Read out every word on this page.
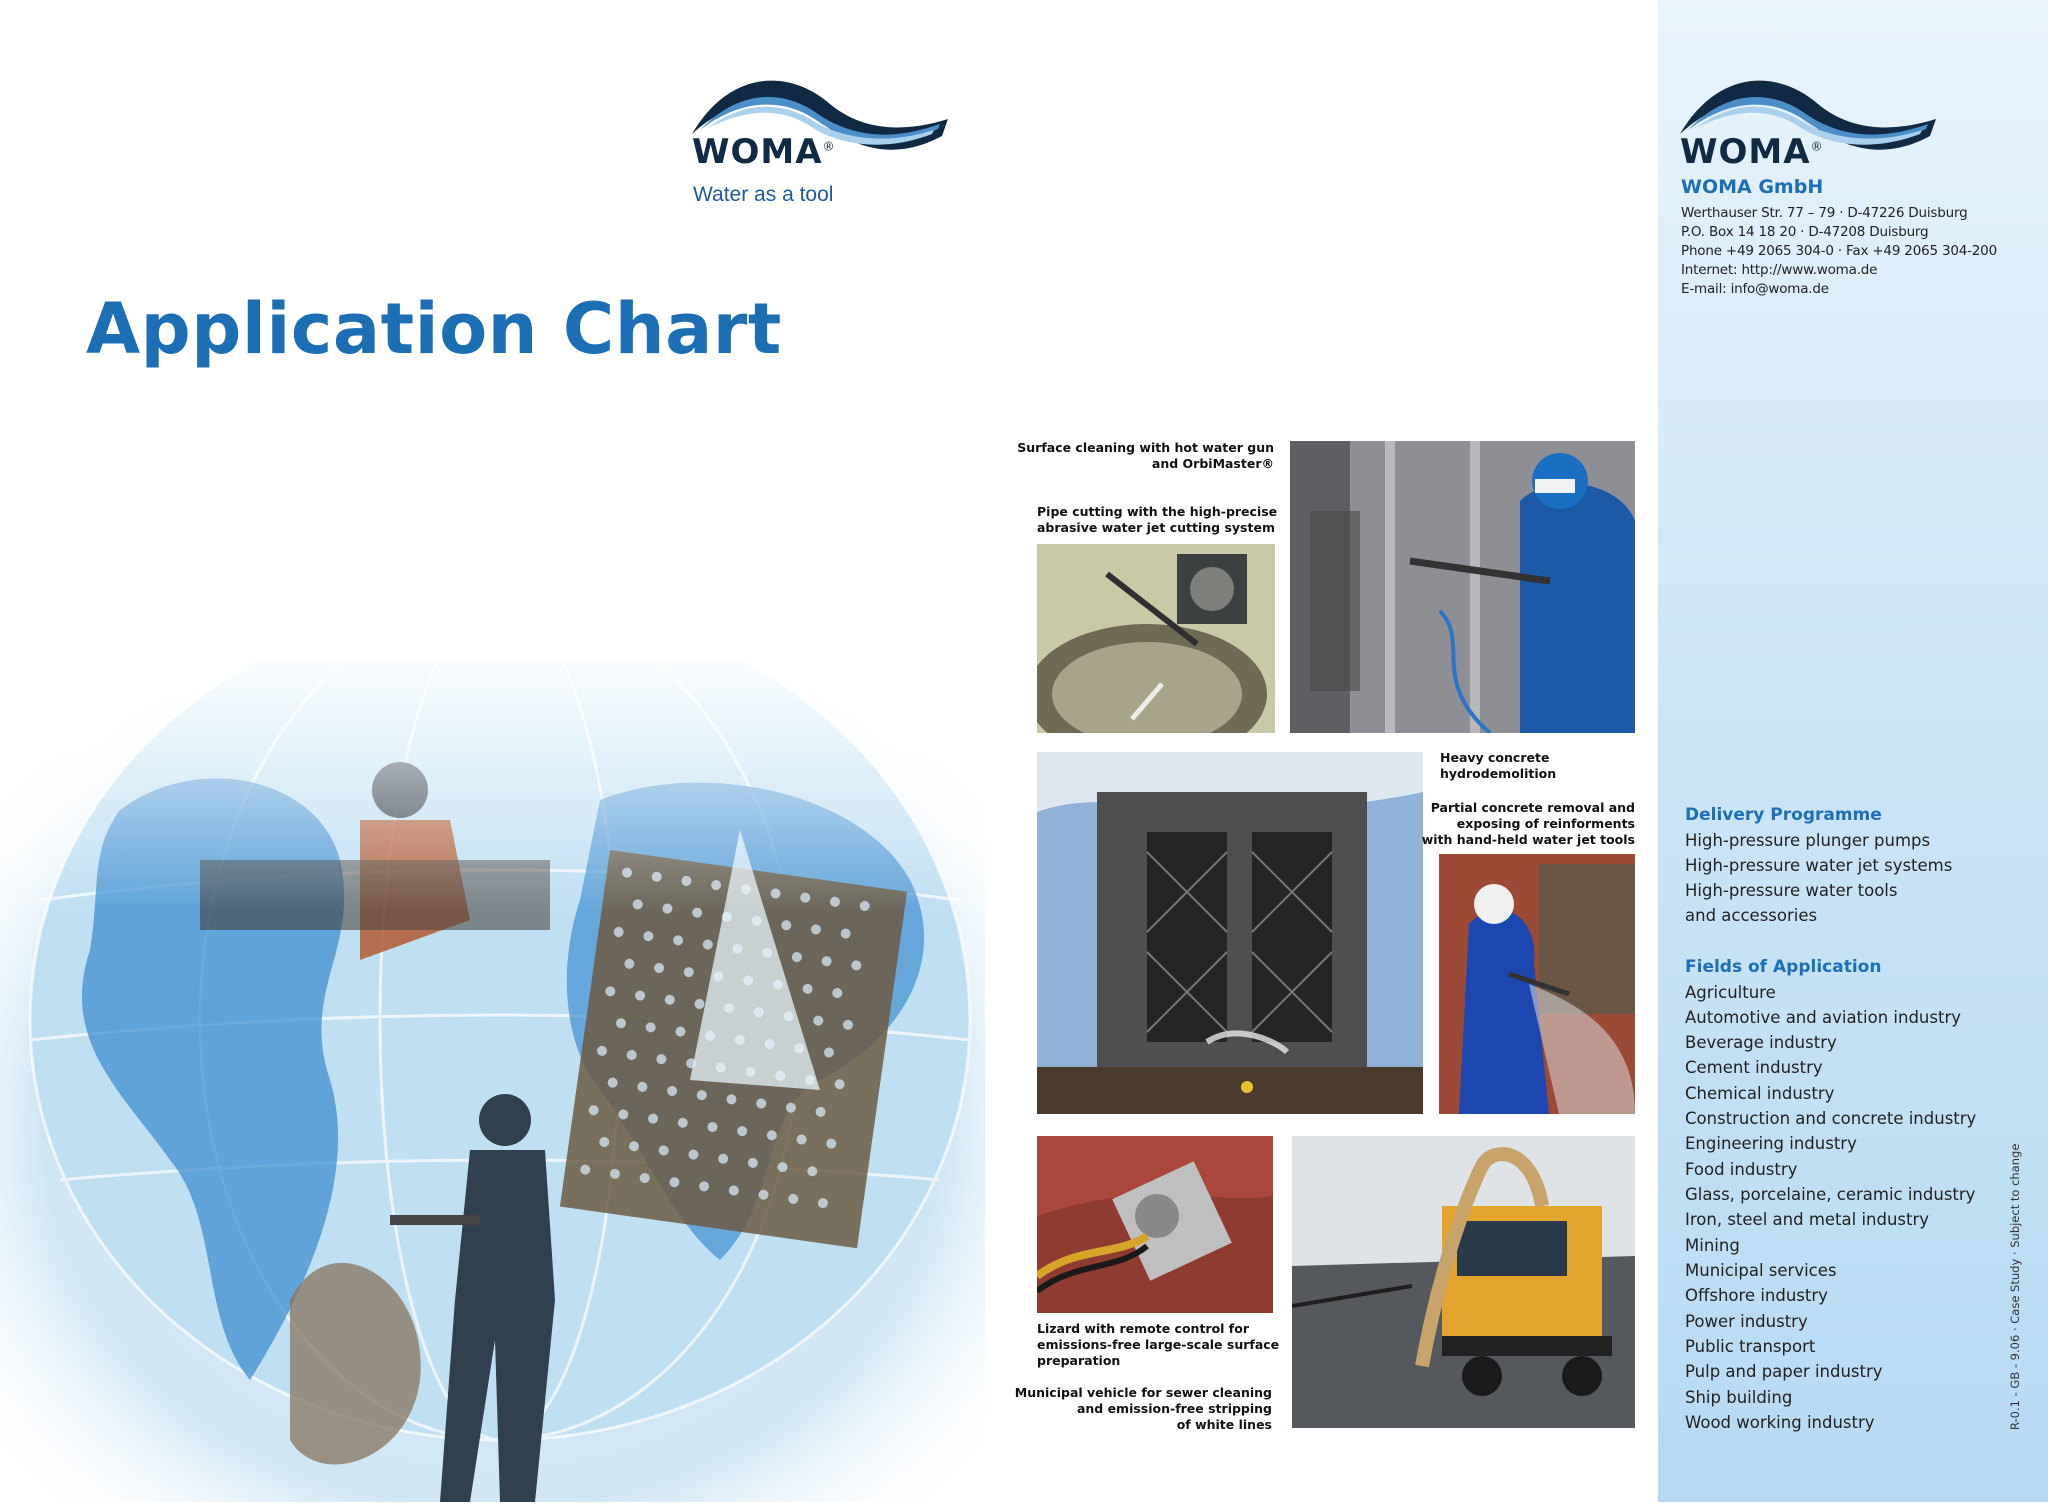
WOMA®
Water as a tool
Application Chart
Surface cleaning with hot water gun
and OrbiMaster®
Pipe cutting with the high-precise
abrasive water jet cutting system
Heavy concrete
hydrodemolition
Partial concrete removal and
exposing of reinforments
with hand-held water jet tools
Lizard with remote control for
emissions-free large-scale surface
preparation
Municipal vehicle for sewer cleaning
and emission-free stripping
of white lines
WOMA®
WOMA GmbH
Werthauser Str. 77 – 79 · D-47226 Duisburg
P.O. Box 14 18 20 · D-47208 Duisburg
Phone +49 2065 304-0 · Fax +49 2065 304-200
Internet: http://www.woma.de
E-mail: info@woma.de
Delivery Programme
High-pressure plunger pumps
High-pressure water jet systems
High-pressure water tools
and accessories
Fields of Application
Agriculture
Automotive and aviation industry
Beverage industry
Cement industry
Chemical industry
Construction and concrete industry
Engineering industry
Food industry
Glass, porcelaine, ceramic industry
Iron, steel and metal industry
Mining
Municipal services
Offshore industry
Power industry
Public transport
Pulp and paper industry
Ship building
Wood working industry	R-0.1 - GB - 9.06 · Case Study · Subject to change
